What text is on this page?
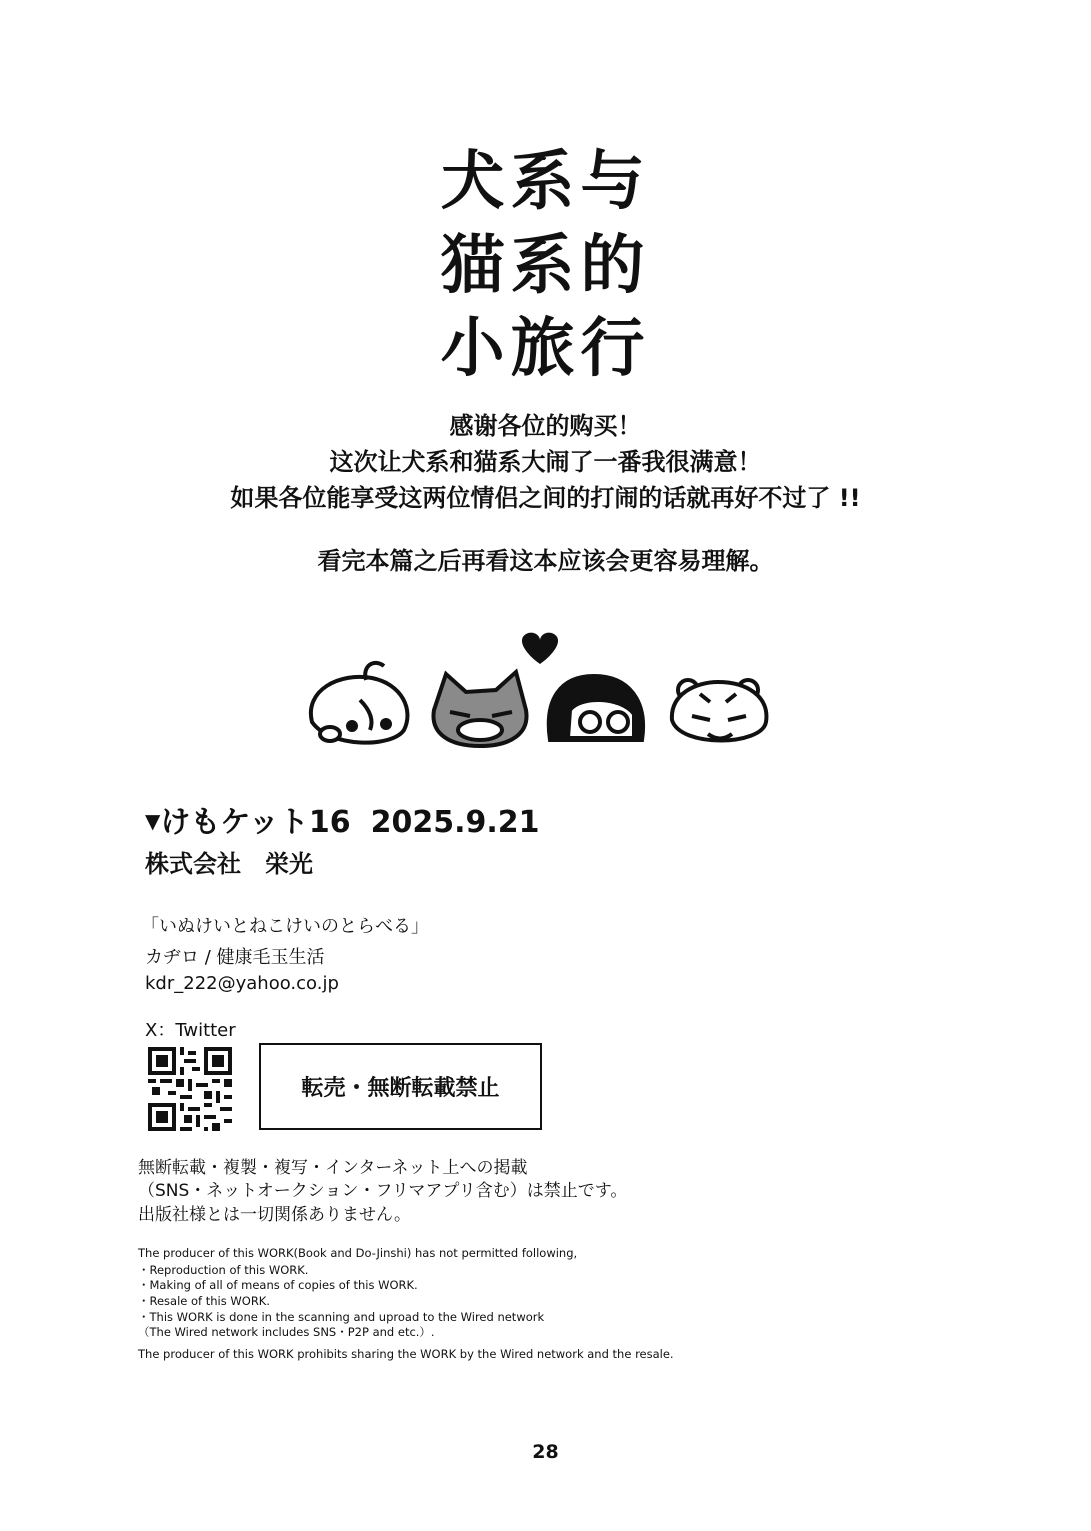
犬系与
猫系的
小旅行
感谢各位的购买！
这次让犬系和猫系大闹了一番我很满意！
如果各位能享受这两位情侣之间的打闹的话就再好不过了 !!
看完本篇之后再看这本应该会更容易理解。
▼けもケット16 2025.9.21
株式会社　栄光
「いぬけいとねこけいのとらべる」
カヂロ / 健康毛玉生活
kdr_222@yahoo.co.jp
X：Twitter
転売・無断転載禁止
無断転載・複製・複写・インターネット上への掲載
（SNS・ネットオークション・フリマアプリ含む）は禁止です。
出版社様とは一切関係ありません。
The producer of this WORK(Book and Do-Jinshi) has not permitted following,
・Reproduction of this WORK.
・Making of all of means of copies of this WORK.
・Resale of this WORK.
・This WORK is done in the scanning and uproad to the Wired network
（The Wired network includes SNS・P2P and etc.）.
The producer of this WORK prohibits sharing the WORK by the Wired network and the resale.
28
